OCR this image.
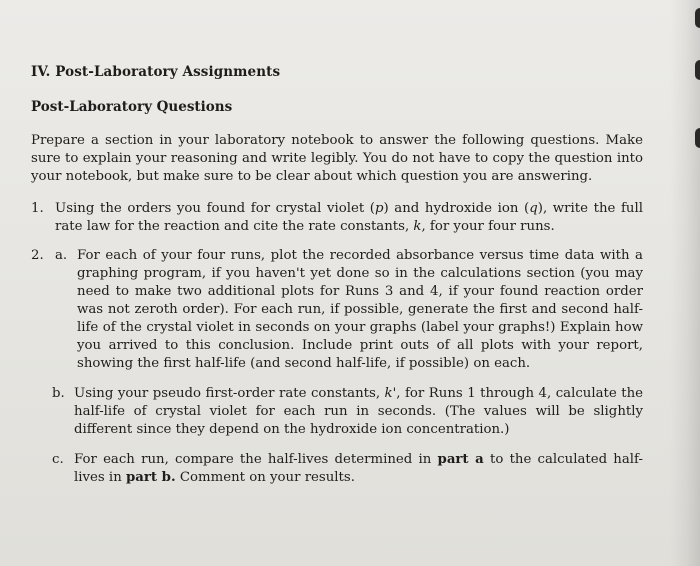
IV. Post-Laboratory Assignments
Post-Laboratory Questions

Prepare a section in your laboratory notebook to answer the following questions. Make sure to explain your reasoning and write legibly. You do not have to copy the question into your notebook, but make sure to be clear about which question you are answering.

1. Using the orders you found for crystal violet (p) and hydroxide ion (q), write the full rate law for the reaction and cite the rate constants, k, for your four runs.
2. a. For each of your four runs, plot the recorded absorbance versus time data with a graphing program, if you haven't yet done so in the calculations section (you may need to make two additional plots for Runs 3 and 4, if your found reaction order was not zeroth order). For each run, if possible, generate the first and second half-life of the crystal violet in seconds on your graphs (label your graphs!) Explain how you arrived to this conclusion. Include print outs of all plots with your report, showing the first half-life (and second half-life, if possible) on each.
b. Using your pseudo first-order rate constants, k', for Runs 1 through 4, calculate the half-life of crystal violet for each run in seconds. (The values will be slightly different since they depend on the hydroxide ion concentration.)
c. For each run, compare the half-lives determined in part a to the calculated half-lives in part b. Comment on your results.
